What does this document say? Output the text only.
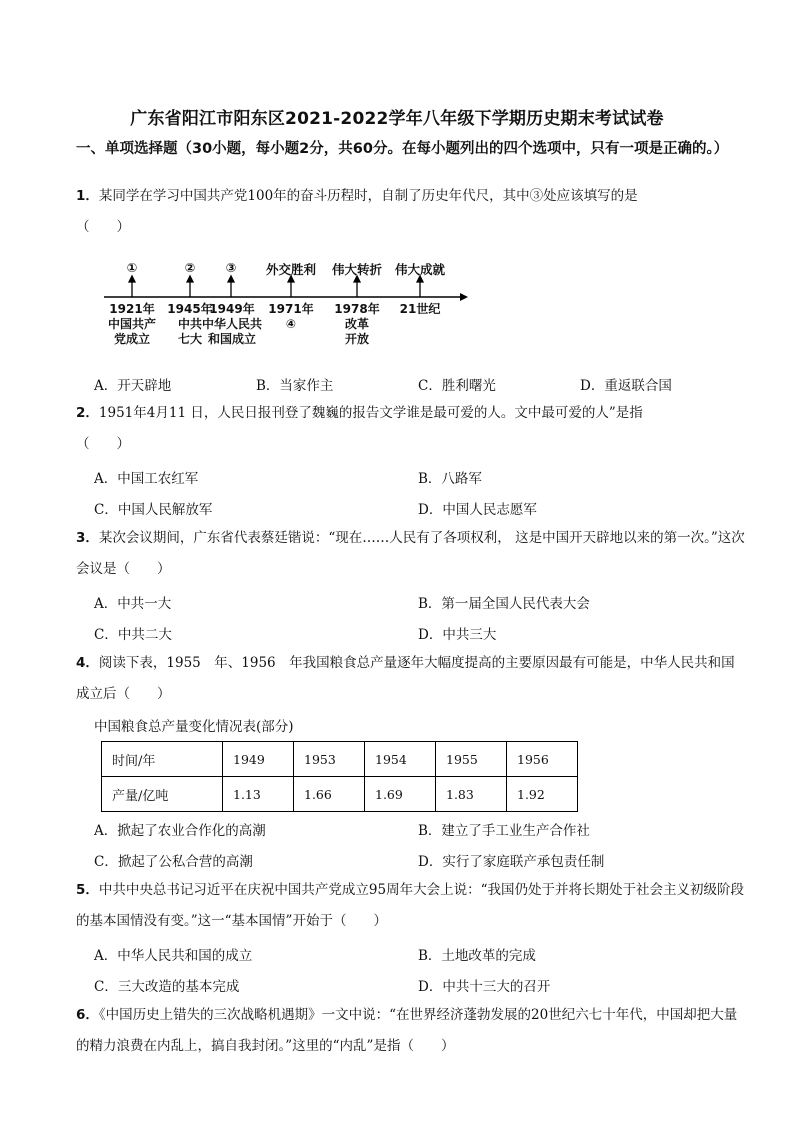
广东省阳江市阳东区2021-2022学年八年级下学期历史期末考试试卷
一、单项选择题（30小题，每小题2分，共60分。在每小题列出的四个选项中，只有一项是正确的。）
1．某同学在学习中国共产党100年的奋斗历程时，自制了历史年代尺，其中③处应该填写的是
（　　）
①	②	③	外交胜利	伟大转折	伟大成就
1921年
中国共产
党成立
1945年
中共
七大
1949年
中华人民共
和国成立
1971年
④
1978年
改革
开放
21世纪
A．开天辟地	B．当家作主	C．胜利曙光	D．重返联合国
2．1951年4月11 日，人民日报刊登了魏巍的报告文学谁是最可爱的人。文中最可爱的人”是指
（　　）
A．中国工农红军	B．八路军
C．中国人民解放军	D．中国人民志愿军
3．某次会议期间，广东省代表蔡廷锴说：“现在……人民有了各项权利， 这是中国开天辟地以来的第一次。”这次会议是（　　）
A．中共一大	B．第一届全国人民代表大会
C．中共二大	D．中共三大
4．阅读下表，1955　年、1956　年我国粮食总产量逐年大幅度提高的主要原因最有可能是，中华人民共和国成立后（　　）
中国粮食总产量变化情况表(部分)
时间/年	1949	1953	1954	1955	1956
产量/亿吨	1.13	1.66	1.69	1.83	1.92
A．掀起了农业合作化的高潮	B．建立了手工业生产合作社
C．掀起了公私合营的高潮	D．实行了家庭联产承包责任制
5．中共中央总书记习近平在庆祝中国共产党成立95周年大会上说：“我国仍处于并将长期处于社会主义初级阶段的基本国情没有变。”这一“基本国情”开始于（　　）
A．中华人民共和国的成立	B．土地改革的完成
C．三大改造的基本完成	D．中共十三大的召开
6．《中国历史上错失的三次战略机遇期》一文中说：“在世界经济蓬勃发展的20世纪六七十年代，中国却把大量的精力浪费在内乱上，搞自我封闭。”这里的“内乱”是指（　　）
